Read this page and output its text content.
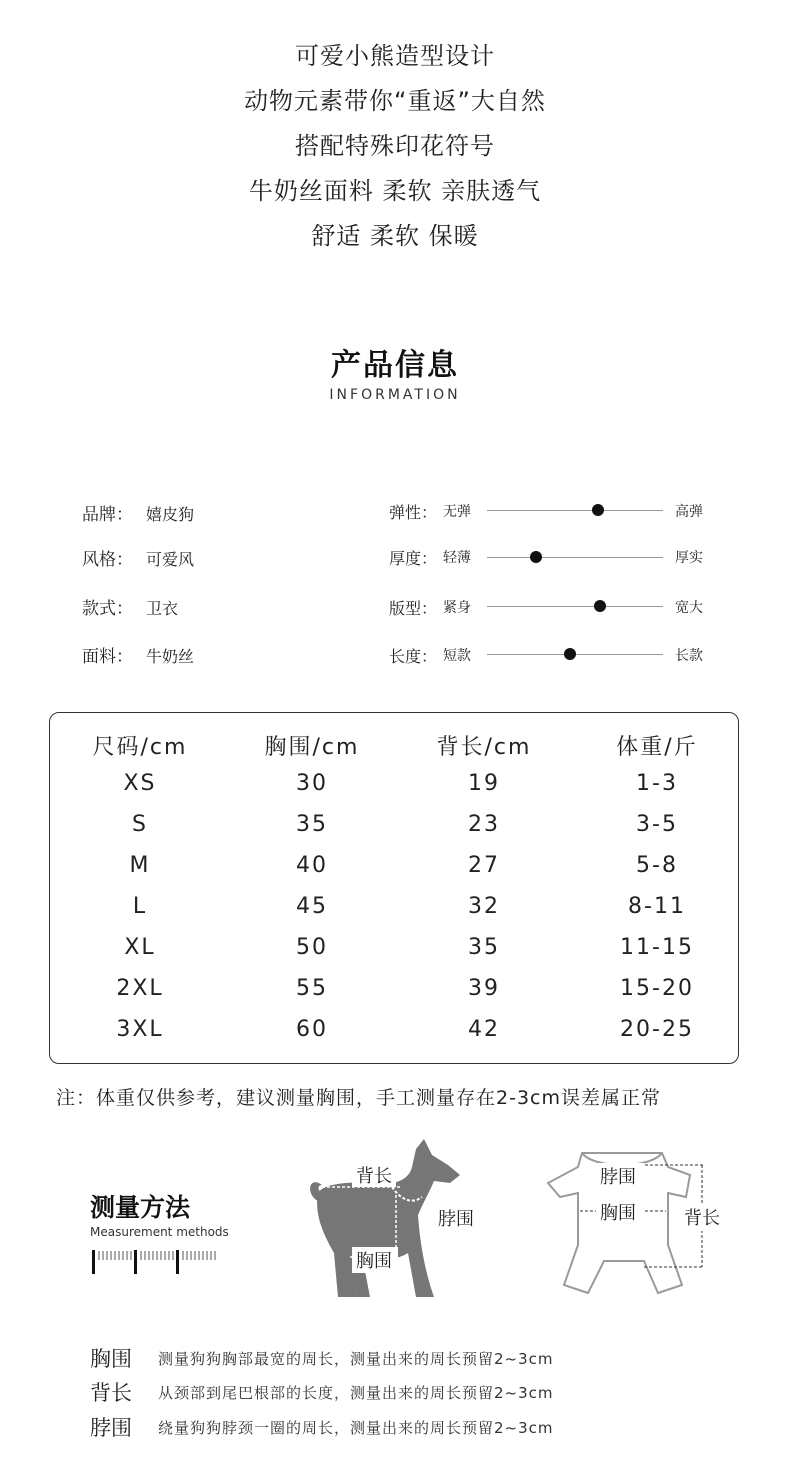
可爱小熊造型设计
动物元素带你“重返”大自然
搭配特殊印花符号
牛奶丝面料 柔软 亲肤透气
舒适 柔软 保暖
产品信息
INFORMATION
品牌： 嬉皮狗
风格： 可爱风
款式： 卫衣
面料： 牛奶丝
弹性： 无弹	高弹
厚度： 轻薄	厚实
版型： 紧身	宽大
长度： 短款	长款
尺码/cm	胸围/cm	背长/cm	体重/斤
XS	30	19	1-3
S	35	23	3-5
M	40	27	5-8
L	45	32	8-11
XL	50	35	11-15
2XL	55	39	15-20
3XL	60	42	20-25
注：体重仅供参考，建议测量胸围，手工测量存在2-3cm误差属正常
测量方法
Measurement methods
背长
脖围
胸围
脖围
胸围	背长
胸围 测量狗狗胸部最宽的周长，测量出来的周长预留2~3cm
背长 从颈部到尾巴根部的长度，测量出来的周长预留2~3cm
脖围 绕量狗狗脖颈一圈的周长，测量出来的周长预留2~3cm
